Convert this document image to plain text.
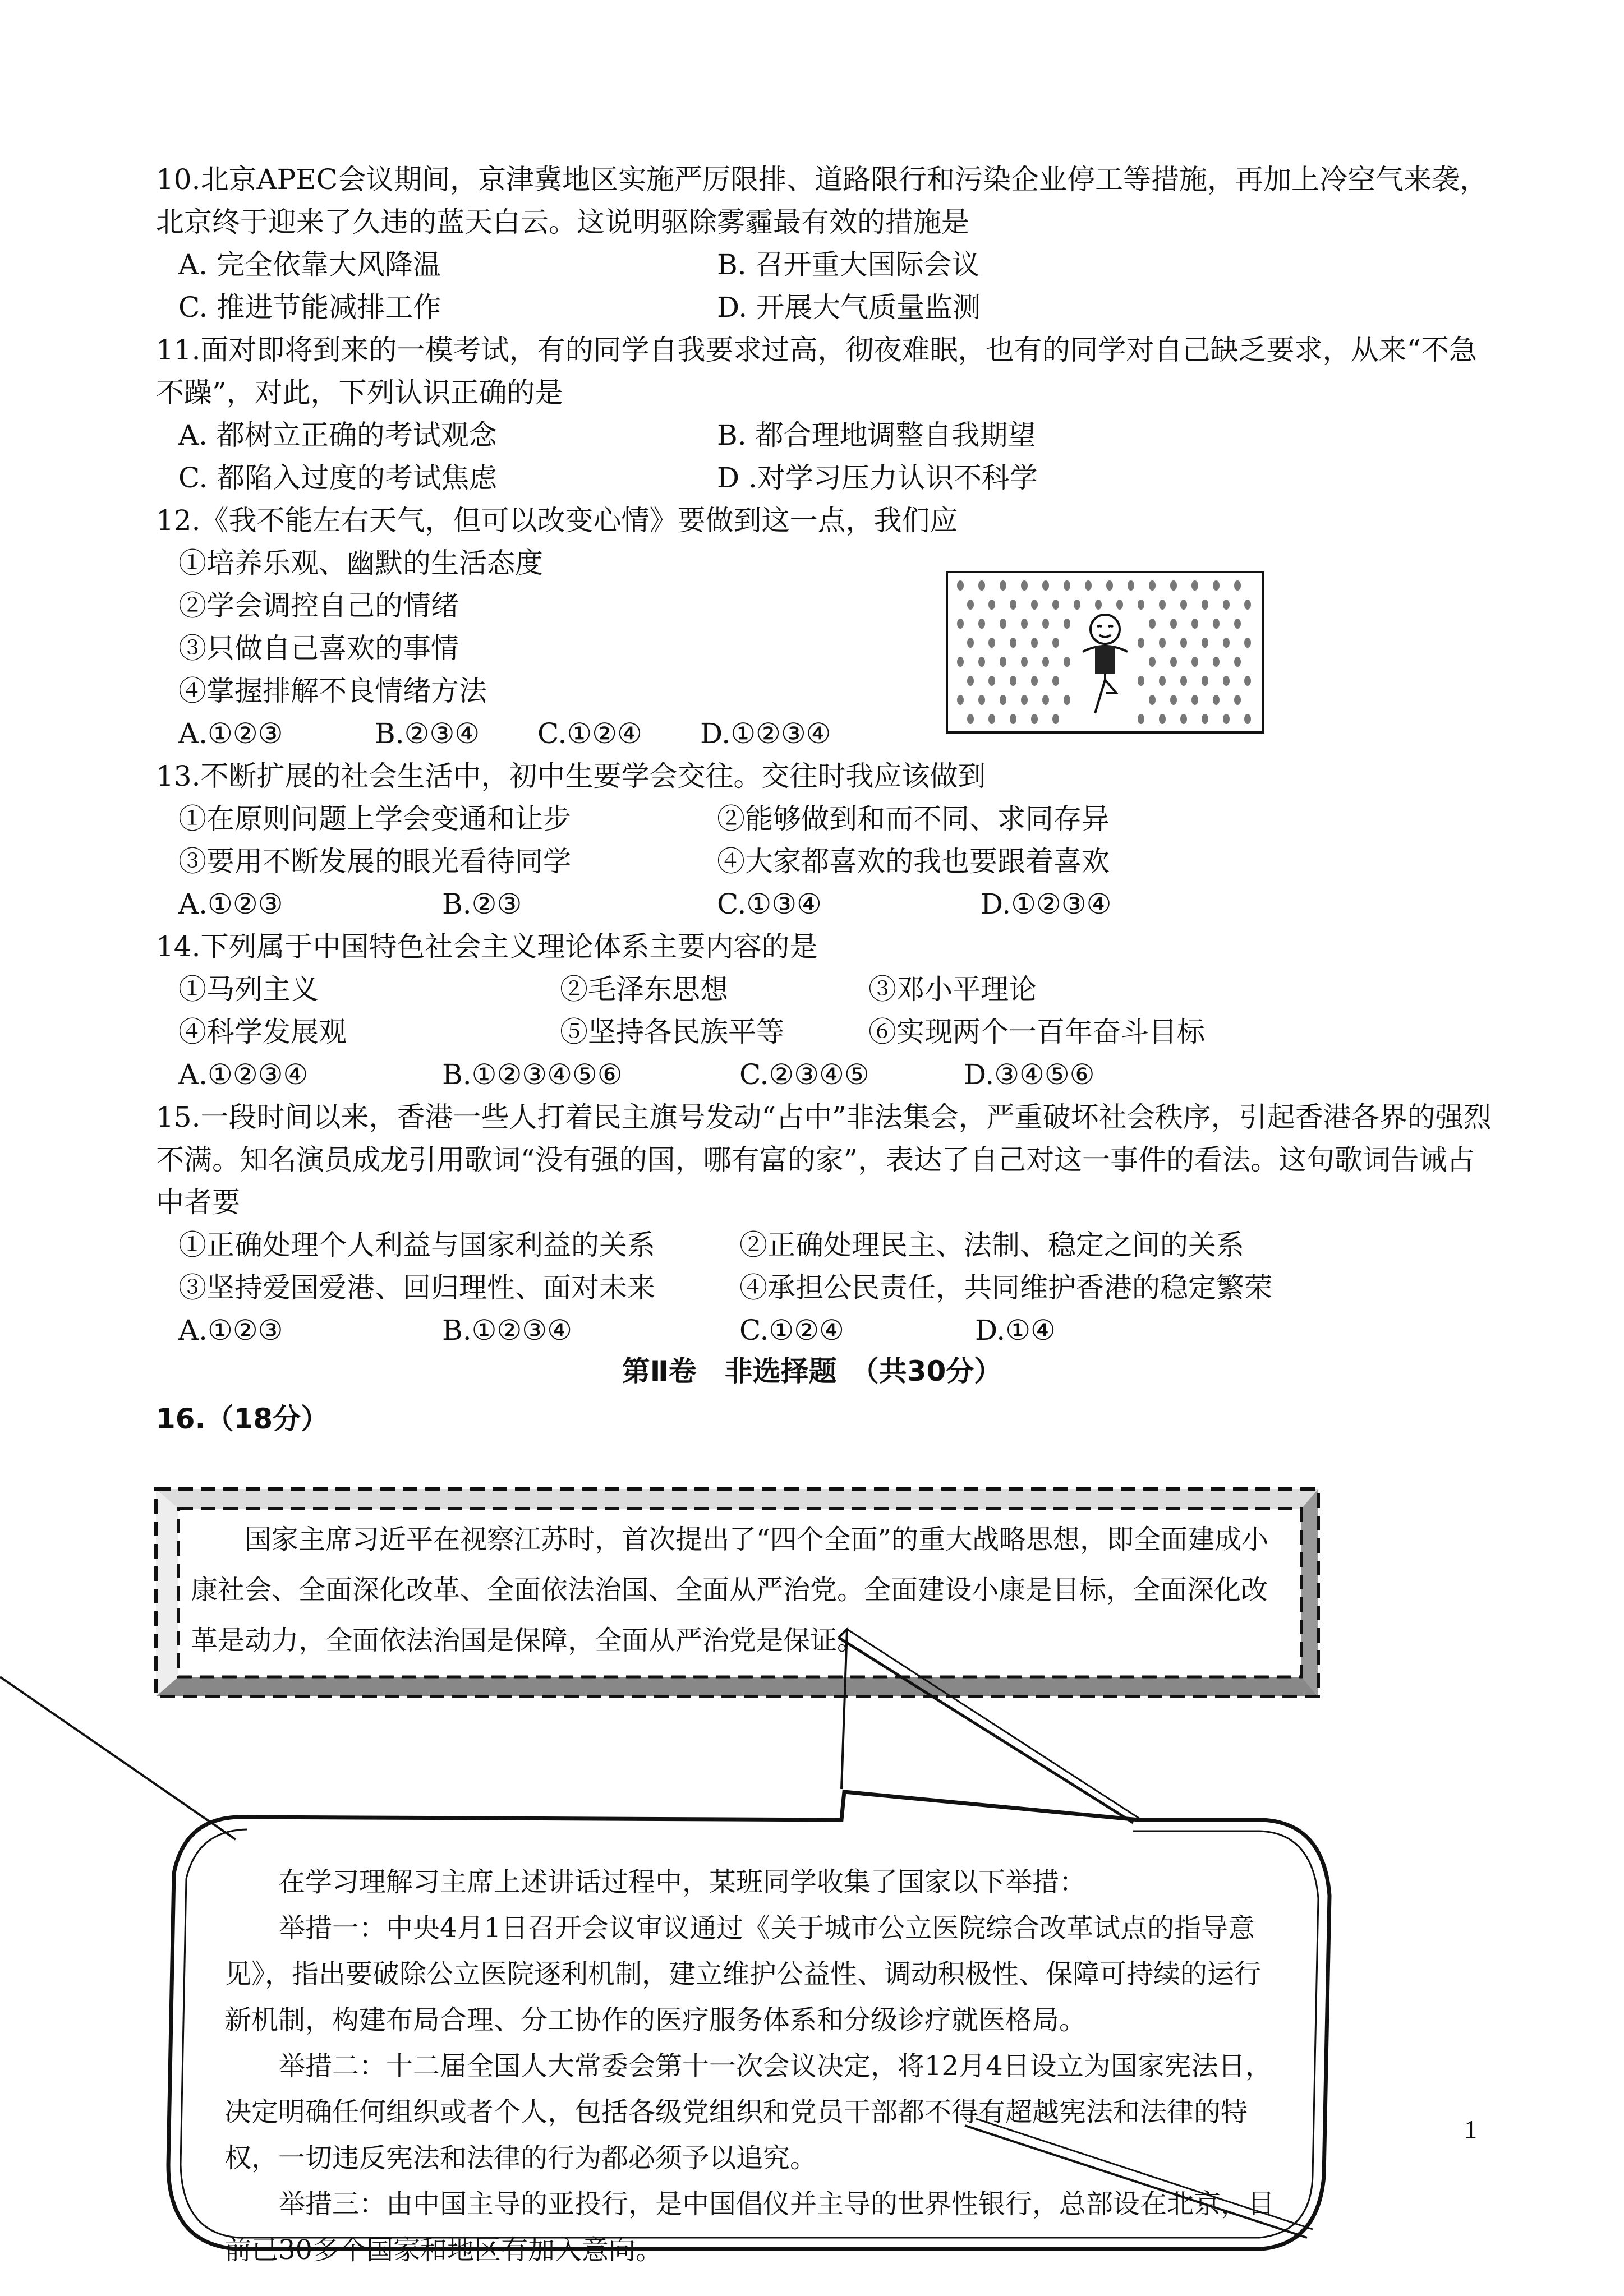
10.北京APEC会议期间，京津冀地区实施严厉限排、道路限行和污染企业停工等措施，再加上冷空气来袭，北京终于迎来了久违的蓝天白云。这说明驱除雾霾最有效的措施是
A. 完全依靠大风降温	B. 召开重大国际会议
C. 推进节能减排工作	D. 开展大气质量监测
11.面对即将到来的一模考试，有的同学自我要求过高，彻夜难眠，也有的同学对自己缺乏要求，从来“不急不躁”，对此，下列认识正确的是
A. 都树立正确的考试观念	B. 都合理地调整自我期望
C. 都陷入过度的考试焦虑	D .对学习压力认识不科学
12.《我不能左右天气，但可以改变心情》要做到这一点，我们应
①培养乐观、幽默的生活态度
②学会调控自己的情绪
③只做自己喜欢的事情
④掌握排解不良情绪方法
A.①②③	B.②③④ C.①②④ D.①②③④
13.不断扩展的社会生活中，初中生要学会交往。交往时我应该做到
①在原则问题上学会变通和让步	②能够做到和而不同、求同存异
③要用不断发展的眼光看待同学	④大家都喜欢的我也要跟着喜欢
A.①②③	B.②③	C.①③④	D.①②③④
14.下列属于中国特色社会主义理论体系主要内容的是
①马列主义	②毛泽东思想	③邓小平理论
④科学发展观	⑤坚持各民族平等	⑥实现两个一百年奋斗目标
A.①②③④	B.①②③④⑤⑥	C.②③④⑤	D.③④⑤⑥
15.一段时间以来，香港一些人打着民主旗号发动“占中”非法集会，严重破坏社会秩序，引起香港各界的强烈不满。知名演员成龙引用歌词“没有强的国，哪有富的家”，表达了自己对这一事件的看法。这句歌词告诫占中者要
①正确处理个人利益与国家利益的关系	②正确处理民主、法制、稳定之间的关系
③坚持爱国爱港、回归理性、面对未来	④承担公民责任，共同维护香港的稳定繁荣
A.①②③	B.①②③④	C.①②④	D.①④
第Ⅱ卷　非选择题　（共30分）
16.（18分）
国家主席习近平在视察江苏时，首次提出了“四个全面”的重大战略思想，即全面建成小康社会、全面深化改革、全面依法治国、全面从严治党。全面建设小康是目标，全面深化改革是动力，全面依法治国是保障，全面从严治党是保证。

在学习理解习主席上述讲话过程中，某班同学收集了国家以下举措：

举措一：中央4月1日召开会议审议通过《关于城市公立医院综合改革试点的指导意见》，指出要破除公立医院逐利机制，建立维护公益性、调动积极性、保障可持续的运行新机制，构建布局合理、分工协作的医疗服务体系和分级诊疗就医格局。

举措二：十二届全国人大常委会第十一次会议决定，将12月4日设立为国家宪法日，决定明确任何组织或者个人，包括各级党组织和党员干部都不得有超越宪法和法律的特权，一切违反宪法和法律的行为都必须予以追究。

举措三：由中国主导的亚投行，是中国倡仪并主导的世界性银行，总部设在北京，目前已30多个国家和地区有加入意向。

1
